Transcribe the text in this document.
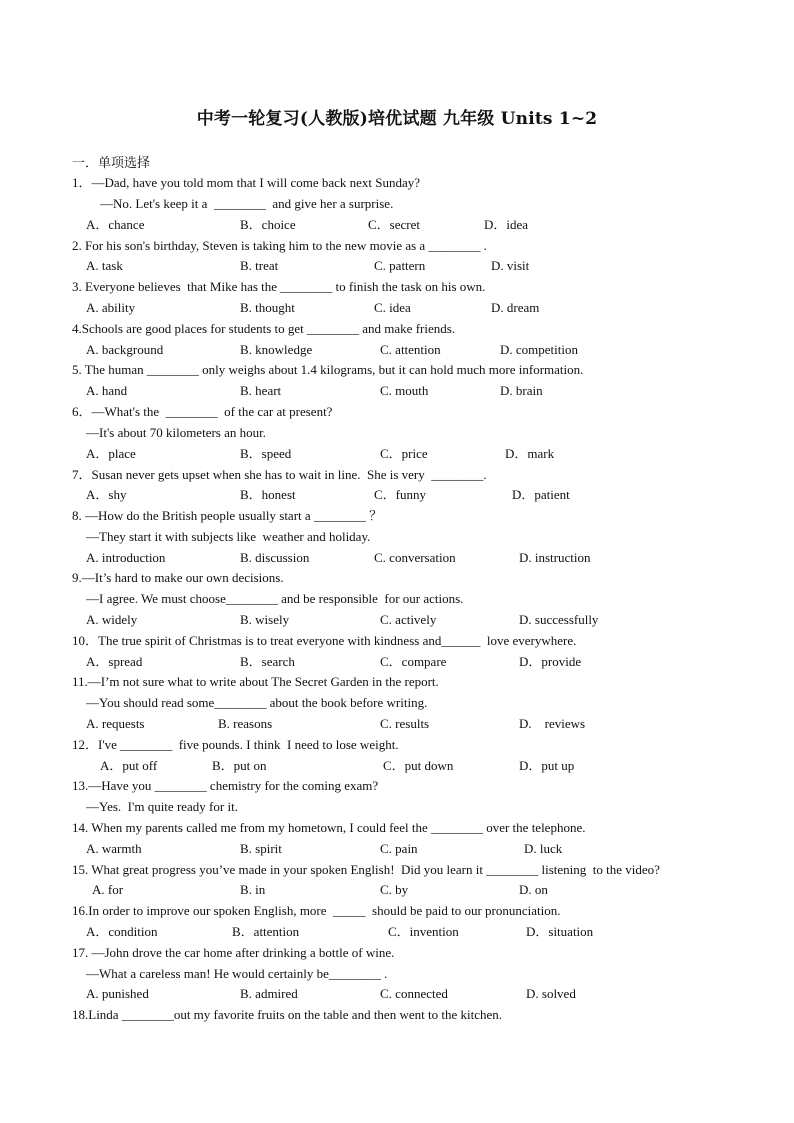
中考一轮复习(人教版)培优试题 九年级 Units 1~2
一．单项选择
1．—Dad, have you told mom that I will come back next Sunday?
—No. Let's keep it a  ________  and give her a surprise.
A．chance	B．choice	C．secret	D．idea
2. For his son's birthday, Steven is taking him to the new movie as a ________ .
A. task	B. treat	C. pattern	D. visit
3. Everyone believes  that Mike has the ________ to finish the task on his own.
A. ability	B. thought	C. idea	D. dream
4.Schools are good places for students to get ________ and make friends.
A. background	B. knowledge	C. attention	D. competition
5. The human ________ only weighs about 1.4 kilograms, but it can hold much more information.
A. hand	B. heart	C. mouth	D. brain
6．—What's the  ________  of the car at present?
—It's about 70 kilometers an hour.
A．place	B．speed	C．price	D．mark
7．Susan never gets upset when she has to wait in line.  She is very  ________.
A．shy	B．honest	C．funny	D．patient
8. —How do the British people usually start a ________ ？
—They start it with subjects like  weather and holiday.
A. introduction	B. discussion	C. conversation	D. instruction
9.—It’s hard to make our own decisions.
—I agree. We must choose________ and be responsible  for our actions.
A. widely	B. wisely	C. actively	D. successfully
10．The true spirit of Christmas is to treat everyone with kindness and______  love everywhere.
A．spread	B．search	C．compare	D．provide
11.—I’m not sure what to write about The Secret Garden in the report.
—You should read some________ about the book before writing.
A. requests	B. reasons	C. results	D.    reviews
12．I've ________  five pounds. I think  I need to lose weight.
A．put off	B．put on	C．put down	D．put up
13.—Have you ________ chemistry for the coming exam?
—Yes.  I'm quite ready for it.
14. When my parents called me from my hometown, I could feel the ________ over the telephone.
A. warmth	B. spirit	C. pain	D. luck
15. What great progress you’ve made in your spoken English!  Did you learn it ________ listening  to the video?
A. for	B. in	C. by	D. on
16.In order to improve our spoken English, more  _____  should be paid to our pronunciation.
A．condition	B．attention	C．invention	D．situation
17. —John drove the car home after drinking a bottle of wine.
—What a careless man! He would certainly be________ .
A. punished	B. admired	C. connected	D. solved
18.Linda ________out my favorite fruits on the table and then went to the kitchen.
